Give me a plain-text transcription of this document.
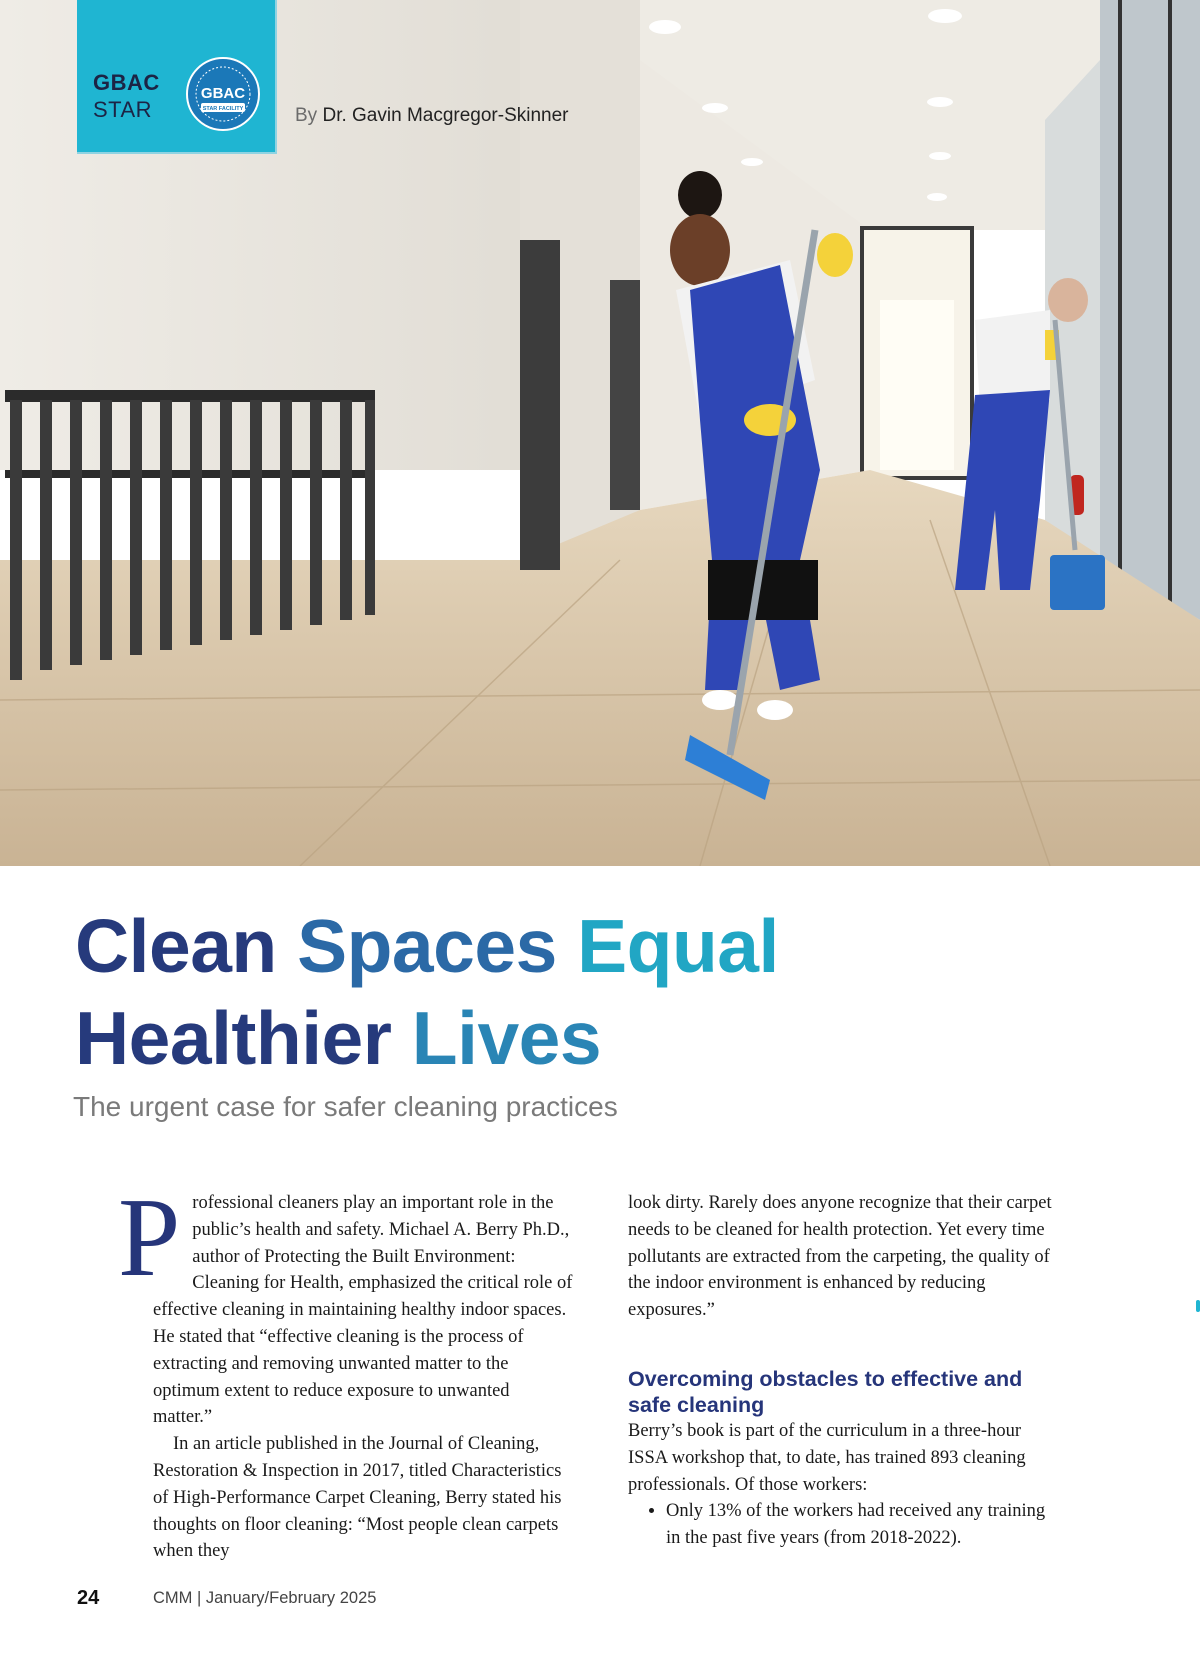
GBAC
STAR
GBAC
STAR FACILITY	By Dr. Gavin Macgregor-Skinner
Clean Spaces Equal
Healthier Lives

The urgent case for safer cleaning practices

P rofessional cleaners play an important role in the public’s health and safety. Michael A. Berry Ph.D., author of Protecting the Built Environment: Cleaning for Health, emphasized the critical role of effective cleaning in maintaining healthy indoor spaces. He stated that “effective cleaning is the process of extracting and removing unwanted matter to the optimum extent to reduce exposure to unwanted matter.”

In an article published in the Journal of Cleaning, Restoration & Inspection in 2017, titled Characteristics of High-Performance Carpet Cleaning, Berry stated his thoughts on floor cleaning: “Most people clean carpets when they

look dirty. Rarely does anyone recognize that their carpet needs to be cleaned for health protection. Yet every time pollutants are extracted from the carpeting, the quality of the indoor environment is enhanced by reducing exposures.”

Overcoming obstacles to effective and safe cleaning

Berry’s book is part of the curriculum in a three-hour ISSA workshop that, to date, has trained 893 cleaning professionals. Of those workers:

• Only 13% of the workers had received any training in the past five years (from 2018-2022).
24	CMM | January/February 2025
